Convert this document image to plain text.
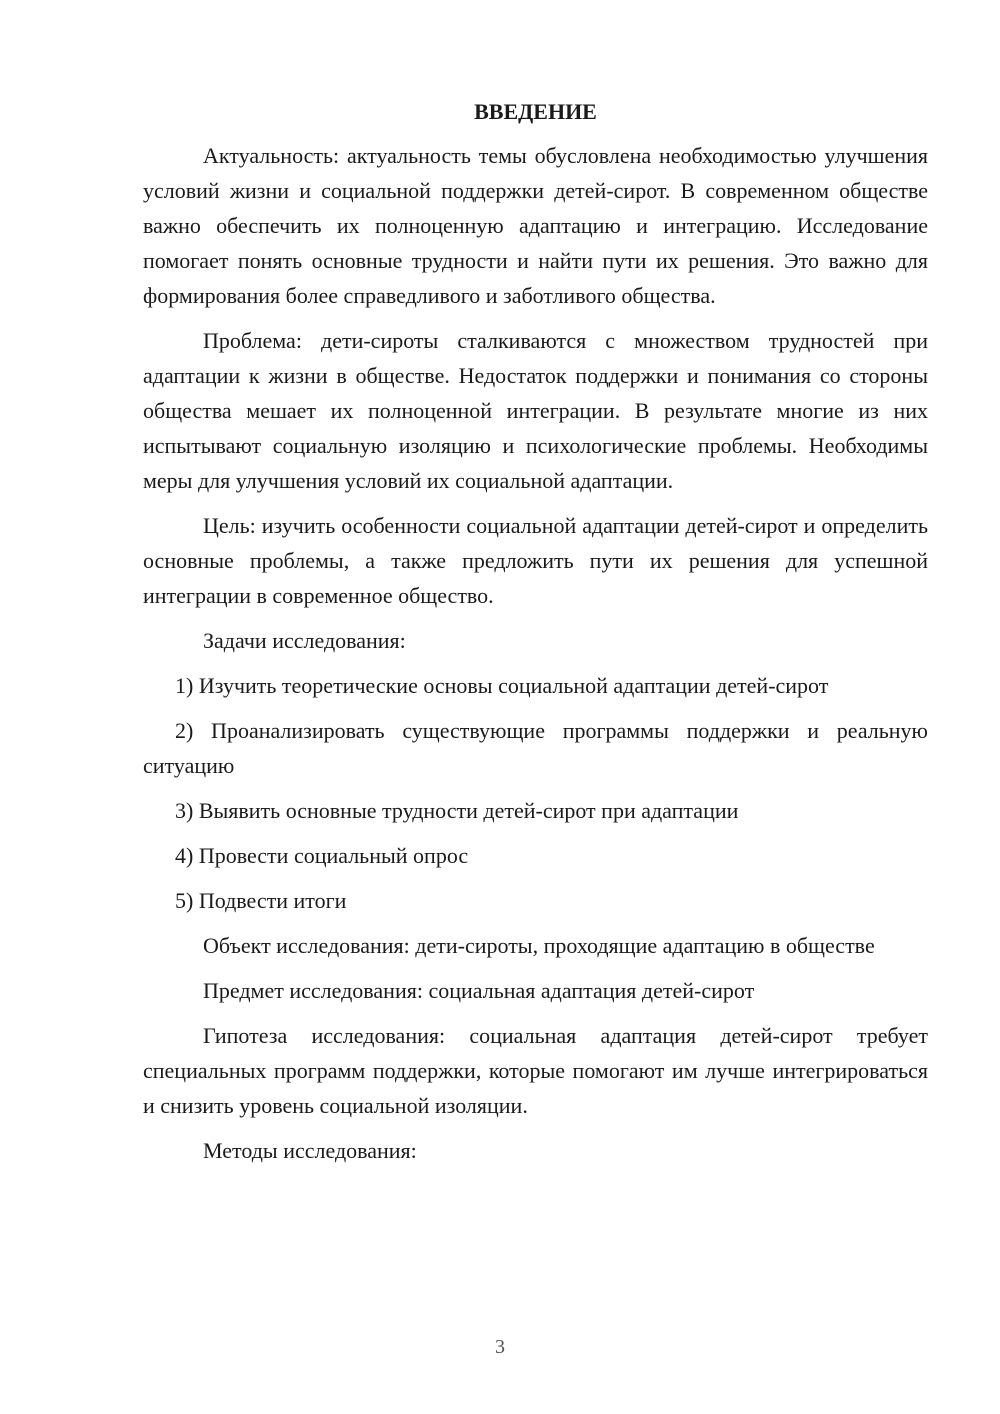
ВВЕДЕНИЕ

Актуальность: актуальность темы обусловлена необходимостью улучшения условий жизни и социальной поддержки детей-сирот. В современном обществе важно обеспечить их полноценную адаптацию и интеграцию. Исследование помогает понять основные трудности и найти пути их решения. Это важно для формирования более справедливого и заботливого общества.

Проблема: дети-сироты сталкиваются с множеством трудностей при адаптации к жизни в обществе. Недостаток поддержки и понимания со стороны общества мешает их полноценной интеграции. В результате многие из них испытывают социальную изоляцию и психологические проблемы. Необходимы меры для улучшения условий их социальной адаптации.

Цель: изучить особенности социальной адаптации детей-сирот и определить основные проблемы, а также предложить пути их решения для успешной интеграции в современное общество.

Задачи исследования:

1) Изучить теоретические основы социальной адаптации детей-сирот

2) Проанализировать существующие программы поддержки и реальную ситуацию

3) Выявить основные трудности детей-сирот при адаптации

4) Провести социальный опрос

5) Подвести итоги

Объект исследования: дети-сироты, проходящие адаптацию в обществе

Предмет исследования: социальная адаптация детей-сирот

Гипотеза исследования: социальная адаптация детей-сирот требует специальных программ поддержки, которые помогают им лучше интегрироваться и снизить уровень социальной изоляции.

Методы исследования:

3
